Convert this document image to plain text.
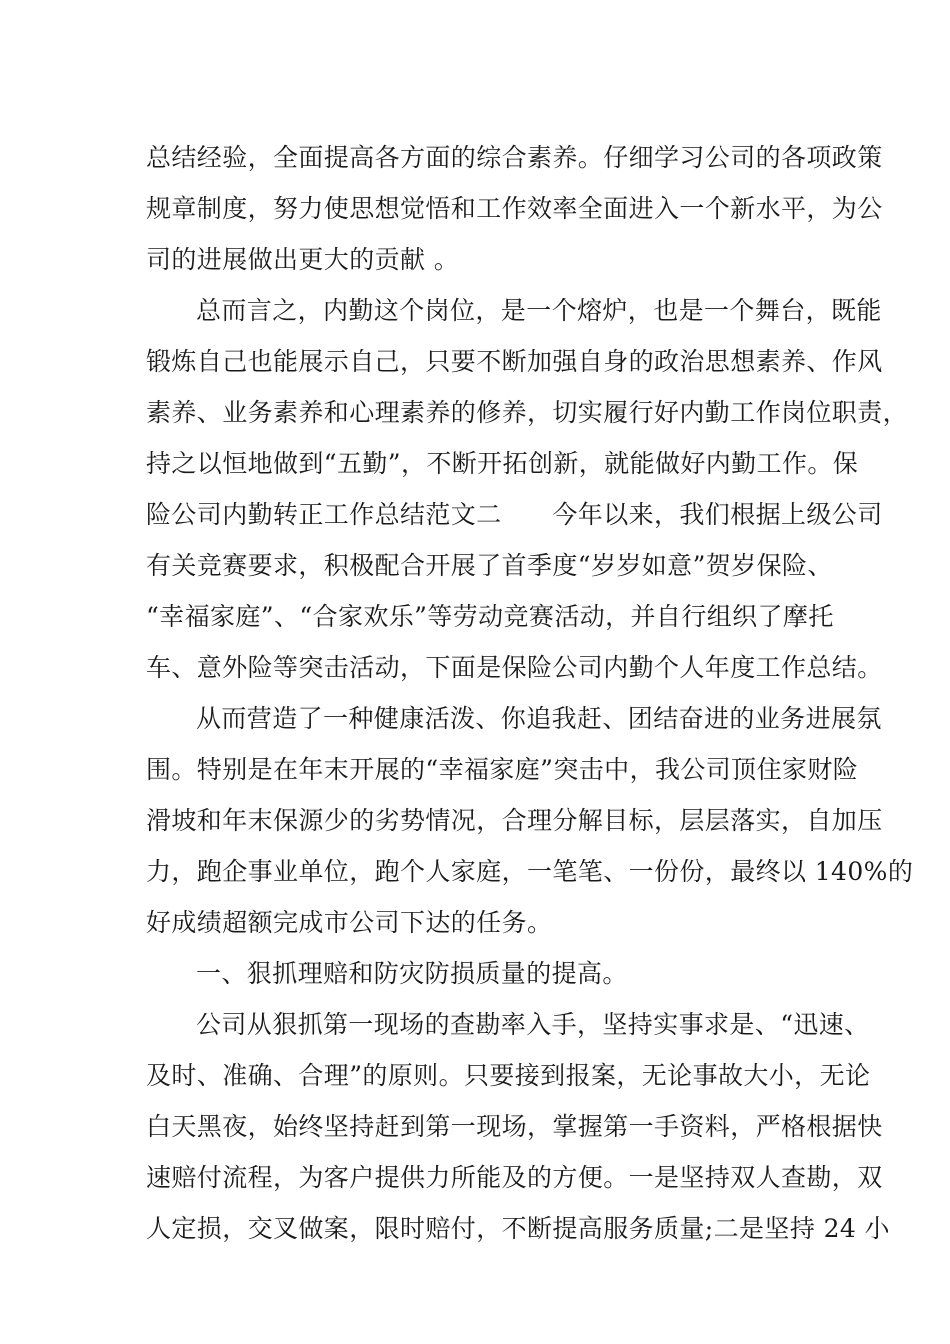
总结经验，全面提高各方面的综合素养。仔细学习公司的各项政策
规章制度，努力使思想觉悟和工作效率全面进入一个新水平，为公
司的进展做出更大的贡献 。
总而言之，内勤这个岗位，是一个熔炉，也是一个舞台，既能
锻炼自己也能展示自己，只要不断加强自身的政治思想素养、作风
素养、业务素养和心理素养的修养，切实履行好内勤工作岗位职责，
持之以恒地做到“五勤”，不断开拓创新，就能做好内勤工作。保
险公司内勤转正工作总结范文二　　今年以来，我们根据上级公司
有关竞赛要求，积极配合开展了首季度“岁岁如意”贺岁保险、
“幸福家庭”、“合家欢乐”等劳动竞赛活动，并自行组织了摩托
车、意外险等突击活动，下面是保险公司内勤个人年度工作总结。
从而营造了一种健康活泼、你追我赶、团结奋进的业务进展氛
围。特别是在年末开展的“幸福家庭”突击中，我公司顶住家财险
滑坡和年末保源少的劣势情况，合理分解目标，层层落实，自加压
力，跑企事业单位，跑个人家庭，一笔笔、一份份，最终以 140%的
好成绩超额完成市公司下达的任务。
一、狠抓理赔和防灾防损质量的提高。
公司从狠抓第一现场的查勘率入手，坚持实事求是、“迅速、
及时、准确、合理”的原则。只要接到报案，无论事故大小，无论
白天黑夜，始终坚持赶到第一现场，掌握第一手资料，严格根据快
速赔付流程，为客户提供力所能及的方便。一是坚持双人查勘，双
人定损，交叉做案，限时赔付，不断提高服务质量;二是坚持 24 小
